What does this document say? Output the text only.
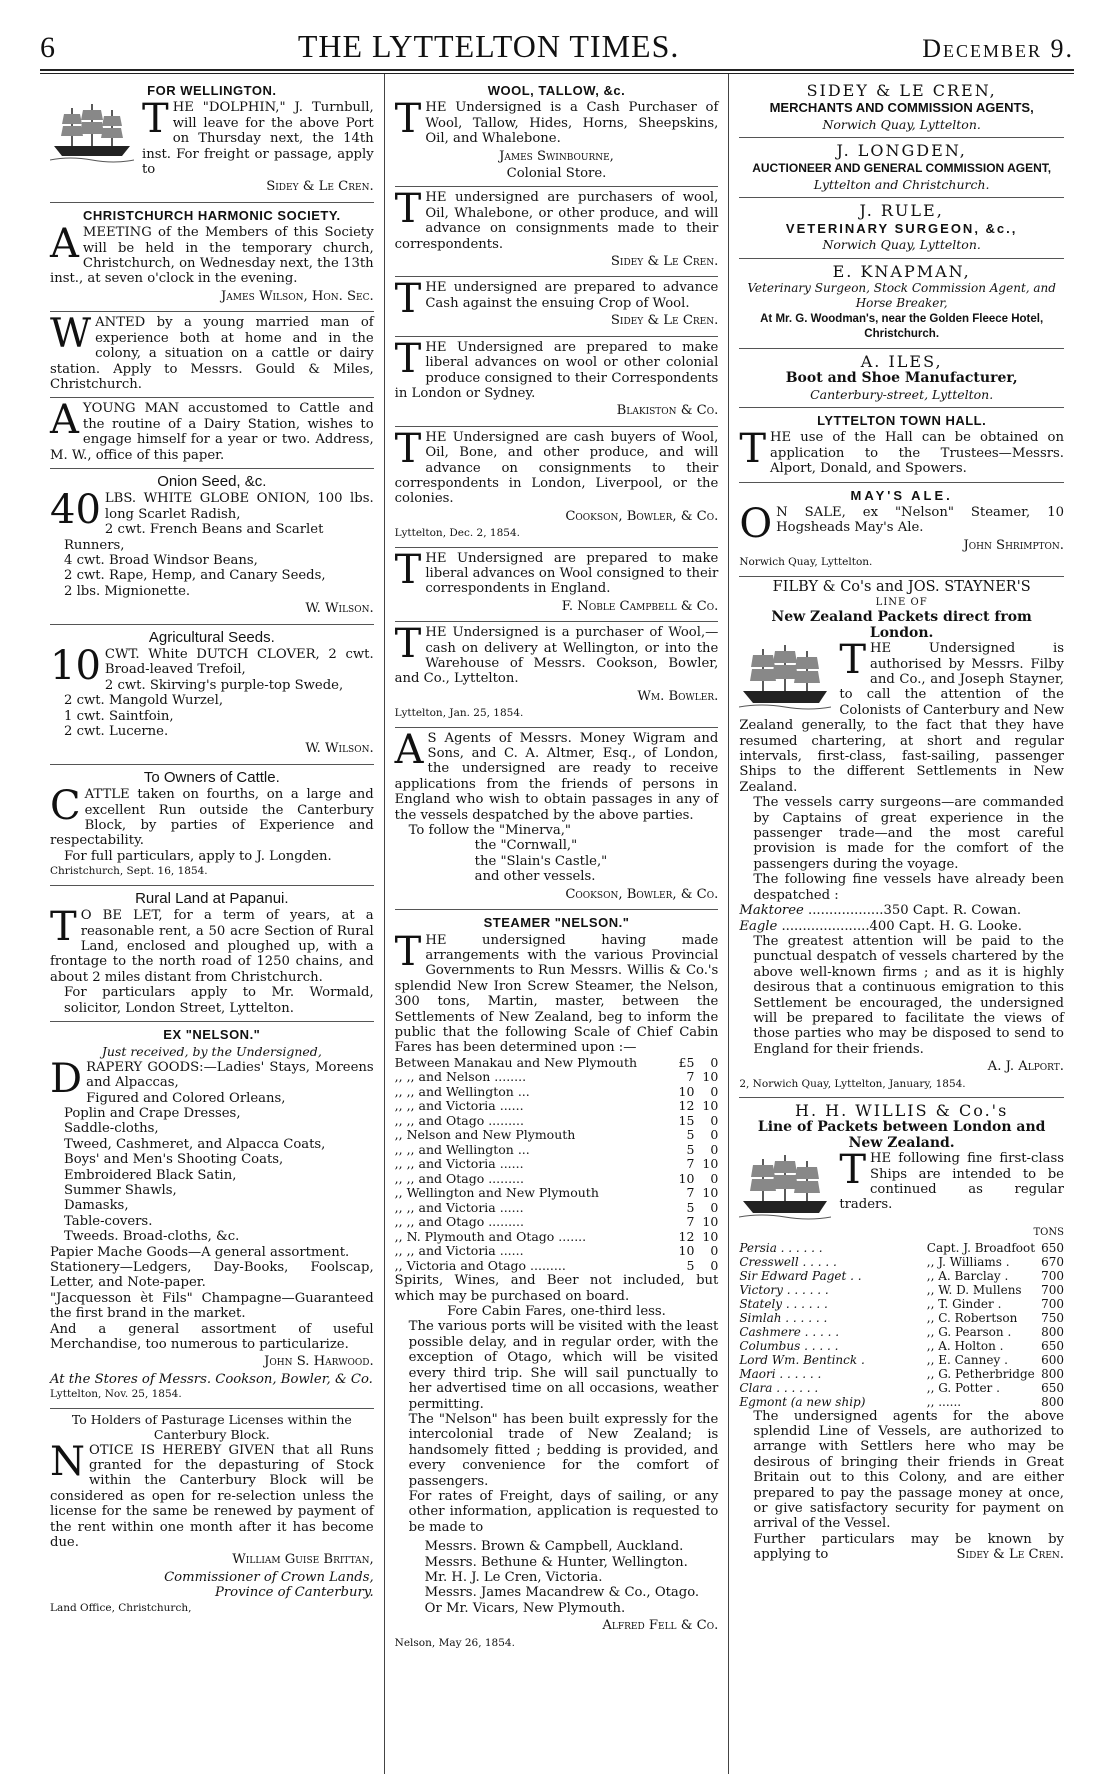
6	THE LYTTELTON TIMES.	December 9.
FOR WELLINGTON.

THE "DOLPHIN," J. Turnbull, will leave for the above Port on Thursday next, the 14th inst. For freight or passage, apply to

Sidey & Le Cren.
CHRISTCHURCH HARMONIC SOCIETY.

AMEETING of the Members of this Society will be held in the temporary church, Christchurch, on Wednesday next, the 13th inst., at seven o'clock in the evening.

James Wilson, Hon. Sec.

WANTED by a young married man of experience both at home and in the colony, a situation on a cattle or dairy station. Apply to Messrs. Gould & Miles, Christchurch.

AYOUNG MAN accustomed to Cattle and the routine of a Dairy Station, wishes to engage himself for a year or two. Address, M. W., office of this paper.

Onion Seed, &c.

40 LBS. WHITE GLOBE ONION, 100 lbs. long Scarlet Radish,

2 cwt. French Beans and Scarlet Runners,
4 cwt. Broad Windsor Beans,
2 cwt. Rape, Hemp, and Canary Seeds,
2 lbs. Mignionette.
W. Wilson.
Agricultural Seeds.

10 CWT. White DUTCH CLOVER, 2 cwt. Broad-leaved Trefoil,

2 cwt. Skirving's purple-top Swede,
2 cwt. Mangold Wurzel,
1 cwt. Saintfoin,
2 cwt. Lucerne.
W. Wilson.
To Owners of Cattle.

CATTLE taken on fourths, on a large and excellent Run outside the Canterbury Block, by parties of Experience and respectability.

For full particulars, apply to J. Longden.

Christchurch, Sept. 16, 1854.
Rural Land at Papanui.

T O BE LET, for a term of years, at a reasonable rent, a 50 acre Section of Rural Land, enclosed and ploughed up, with a frontage to the north road of 1250 chains, and about 2 miles distant from Christchurch.

For particulars apply to Mr. Wormald, solicitor, London Street, Lyttelton.

EX "NELSON."
Just received, by the Undersigned,

DRAPERY GOODS:—Ladies' Stays, Moreens and Alpaccas,

Figured and Colored Orleans,
Poplin and Crape Dresses,
Saddle-cloths,
Tweed, Cashmeret, and Alpacca Coats,
Boys' and Men's Shooting Coats,
Embroidered Black Satin,
Summer Shawls,
Damasks,
Table-covers.
Tweeds. Broad-cloths, &c.

Papier Mache Goods—A general assortment.

Stationery—Ledgers, Day-Books, Foolscap, Letter, and Note-paper.

"Jacquesson èt Fils" Champagne—Guaranteed the first brand in the market.

And a general assortment of useful Merchandise, too numerous to particularize.

John S. Harwood.
At the Stores of Messrs. Cookson, Bowler, & Co.
Lyttelton, Nov. 25, 1854.
To Holders of Pasturage Licenses within the Canterbury Block.

NOTICE IS HEREBY GIVEN that all Runs granted for the depasturing of Stock within the Canterbury Block will be considered as open for re-selection unless the license for the same be renewed by payment of the rent within one month after it has become due.

William Guise Brittan,
Commissioner of Crown Lands,
Province of Canterbury.
Land Office, Christchurch,
WOOL, TALLOW, &c.

THE Undersigned is a Cash Purchaser of Wool, Tallow, Hides, Horns, Sheepskins, Oil, and Whalebone.

James Swinbourne,
Colonial Store.

THE undersigned are purchasers of wool, Oil, Whalebone, or other produce, and will advance on consignments made to their correspondents.

Sidey & Le Cren.

THE undersigned are prepared to advance Cash against the ensuing Crop of Wool.

Sidey & Le Cren.

THE Undersigned are prepared to make liberal advances on wool or other colonial produce consigned to their Correspondents in London or Sydney.

Blakiston & Co.

THE Undersigned are cash buyers of Wool, Oil, Bone, and other produce, and will advance on consignments to their correspondents in London, Liverpool, or the colonies.

Cookson, Bowler, & Co.
Lyttelton, Dec. 2, 1854.

THE Undersigned are prepared to make liberal advances on Wool consigned to their correspondents in England.

F. Noble Campbell & Co.

THE Undersigned is a purchaser of Wool,—cash on delivery at Wellington, or into the Warehouse of Messrs. Cookson, Bowler, and Co., Lyttelton.

Wm. Bowler.
Lyttelton, Jan. 25, 1854.

A S Agents of Messrs. Money Wigram and Sons, and C. A. Altmer, Esq., of London, the undersigned are ready to receive applications from the friends of persons in England who wish to obtain passages in any of the vessels despatched by the above parties.

To follow the "Minerva,"

the "Cornwall,"
the "Slain's Castle,"
and other vessels.
Cookson, Bowler, & Co.
STEAMER "NELSON."

THE undersigned having made arrangements with the various Provincial Governments to Run Messrs. Willis & Co.'s splendid New Iron Screw Steamer, the Nelson, 300 tons, Martin, master, between the Settlements of New Zealand, beg to inform the public that the following Scale of Chief Cabin Fares has been determined upon :—

Between Manakau and New Plymouth	£5	0
,, ,, and Nelson ........	7 10
,, ,, and Wellington ...	10	0
,, ,, and Victoria ......	12 10
,, ,, and Otago .........	15	0
,, Nelson and New Plymouth	5	0
,, ,, and Wellington ...	5	0
,, ,, and Victoria ......	7 10
,, ,, and Otago .........	10	0
,, Wellington and New Plymouth	7 10
,, ,, and Victoria ......	5	0
,, ,, and Otago .........	7 10
,, N. Plymouth and Otago .......	12 10
,, ,, and Victoria ......	10	0
,, Victoria and Otago .........	5	0

Spirits, Wines, and Beer not included, but which may be purchased on board.

Fore Cabin Fares, one-third less.

The various ports will be visited with the least possible delay, and in regular order, with the exception of Otago, which will be visited every third trip. She will sail punctually to her advertised time on all occasions, weather permitting.

The "Nelson" has been built expressly for the intercolonial trade of New Zealand; is handsomely fitted ; bedding is provided, and every convenience for the comfort of passengers.

For rates of Freight, days of sailing, or any other information, application is requested to be made to

Messrs. Brown & Campbell, Auckland.
Messrs. Bethune & Hunter, Wellington.
Mr. H. J. Le Cren, Victoria.
Messrs. James Macandrew & Co., Otago.
Or Mr. Vicars, New Plymouth.
Alfred Fell & Co.
Nelson, May 26, 1854.
SIDEY & LE CREN,
MERCHANTS AND COMMISSION AGENTS,
Norwich Quay, Lyttelton.
J. LONGDEN,
AUCTIONEER AND GENERAL COMMISSION AGENT,
Lyttelton and Christchurch.
J. RULE,
VETERINARY SURGEON, &c.,
Norwich Quay, Lyttelton.
E. KNAPMAN,
Veterinary Surgeon, Stock Commission Agent, and Horse Breaker,
At Mr. G. Woodman's, near the Golden Fleece Hotel, Christchurch.
A. ILES,
Boot and Shoe Manufacturer,
Canterbury-street, Lyttelton.
LYTTELTON TOWN HALL.

THE use of the Hall can be obtained on application to the Trustees—Messrs. Alport, Donald, and Spowers.

MAY'S ALE.

O N SALE, ex "Nelson" Steamer, 10 Hogsheads May's Ale.

John Shrimpton.
Norwich Quay, Lyttelton.
FILBY & Co's and JOS. STAYNER'S
LINE OF
New Zealand Packets direct from London.

THE Undersigned is authorised by Messrs. Filby and Co., and Joseph Stayner, to call the attention of the Colonists of Canterbury and New Zealand generally, to the fact that they have resumed chartering, at short and regular intervals, first-class, fast-sailing, passenger Ships to the different Settlements in New Zealand.

The vessels carry surgeons—are commanded by Captains of great experience in the passenger trade—and the most careful provision is made for the comfort of the passengers during the voyage.

The following fine vessels have already been despatched :

Maktoree ..................350 Capt. R. Cowan.
Eagle .....................400 Capt. H. G. Looke.

The greatest attention will be paid to the punctual despatch of vessels chartered by the above well-known firms ; and as it is highly desirous that a continuous emigration to this Settlement be encouraged, the undersigned will be prepared to facilitate the views of those parties who may be disposed to send to England for their friends.

A. J. Alport.
2, Norwich Quay, Lyttelton, January, 1854.
H. H. WILLIS & Co.'s
Line of Packets between London and New Zealand.

THE following fine first-class Ships are intended to be continued as regular traders.

TONS
Persia . . . . . .	Capt. J. Broadfoot 650
Cresswell . . . . .	,, J. Williams .	670
Sir Edward Paget . .	,, A. Barclay .	700
Victory . . . . . .	,, W. D. Mullens	700
Stately . . . . . .	,, T. Ginder .	700
Simlah . . . . . .	,, C. Robertson	750
Cashmere . . . . .	,, G. Pearson .	800
Columbus . . . . .	,, A. Holton .	650
Lord Wm. Bentinck .	,, E. Canney .	600
Maori . . . . . .	,, G. Petherbridge 800
Clara . . . . . .	,, G. Potter .	650
Egmont (a new ship)	,, ......	800

The undersigned agents for the above splendid Line of Vessels, are authorized to arrange with Settlers here who may be desirous of bringing their friends in Great Britain out to this Colony, and are either prepared to pay the passage money at once, or give satisfactory security for payment on arrival of the Vessel.

Further particulars may be known by applying to	Sidey & Le Cren.
